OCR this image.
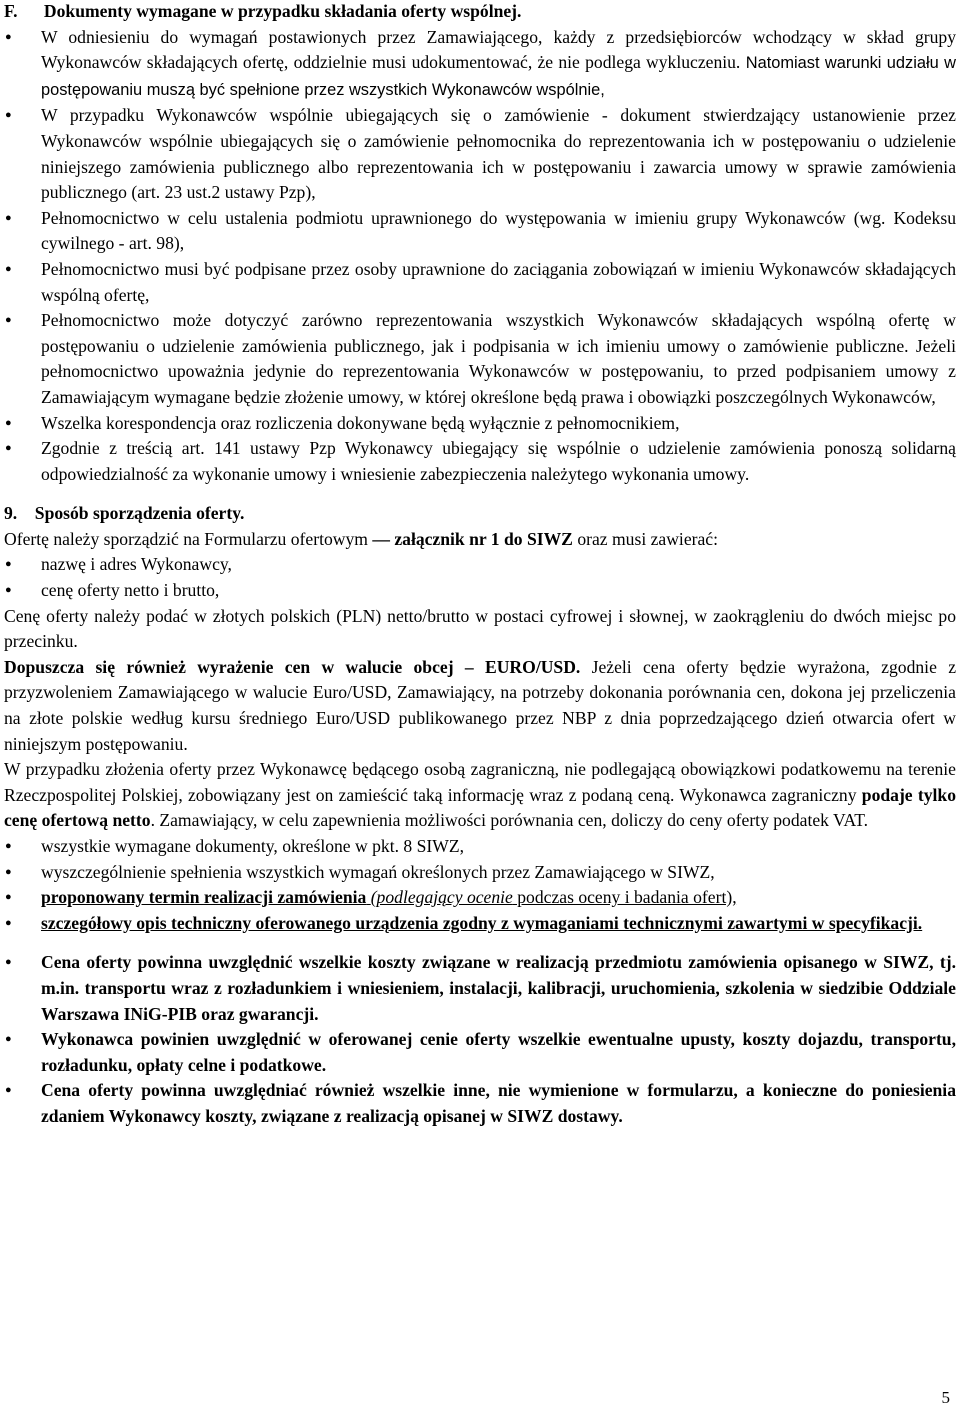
F.      Dokumenty wymagane w przypadku składania oferty wspólnej.

● W odniesieniu do wymagań postawionych przez Zamawiającego, każdy z przedsiębiorców wchodzący w skład grupy Wykonawców składających ofertę, oddzielnie musi udokumentować, że nie podlega wykluczeniu. Natomiast warunki udziału w postępowaniu muszą być spełnione przez wszystkich Wykonawców wspólnie,
● W przypadku Wykonawców wspólnie ubiegających się o zamówienie - dokument stwierdzający ustanowienie przez Wykonawców wspólnie ubiegających się o zamówienie pełnomocnika do reprezentowania ich w postępowaniu o udzielenie niniejszego zamówienia publicznego albo reprezentowania ich w postępowaniu i zawarcia umowy w sprawie zamówienia publicznego (art. 23 ust.2 ustawy Pzp),
● Pełnomocnictwo w celu ustalenia podmiotu uprawnionego do występowania w imieniu grupy Wykonawców (wg. Kodeksu cywilnego - art. 98),
● Pełnomocnictwo musi być podpisane przez osoby uprawnione do zaciągania zobowiązań w imieniu Wykonawców składających wspólną ofertę,
● Pełnomocnictwo może dotyczyć zarówno reprezentowania wszystkich Wykonawców składających wspólną ofertę w postępowaniu o udzielenie zamówienia publicznego, jak i podpisania w ich imieniu umowy o zamówienie publiczne. Jeżeli pełnomocnictwo upoważnia jedynie do reprezentowania Wykonawców w postępowaniu, to przed podpisaniem umowy z Zamawiającym wymagane będzie złożenie umowy, w której określone będą prawa i obowiązki poszczególnych Wykonawców,
● Wszelka korespondencja oraz rozliczenia dokonywane będą wyłącznie z pełnomocnikiem,
● Zgodnie z treścią art. 141 ustawy Pzp Wykonawcy ubiegający się wspólnie o udzielenie zamówienia ponoszą solidarną odpowiedzialność za wykonanie umowy i wniesienie zabezpieczenia należytego wykonania umowy.

9.    Sposób sporządzenia oferty.

Ofertę należy sporządzić na Formularzu ofertowym — załącznik nr 1 do SIWZ oraz musi zawierać:

● nazwę i adres Wykonawcy,
● cenę oferty netto i brutto,

Cenę oferty należy podać w złotych polskich (PLN) netto/brutto w postaci cyfrowej i słownej, w zaokrągleniu do dwóch miejsc po przecinku.

Dopuszcza się również wyrażenie cen w walucie obcej – EURO/USD. Jeżeli cena oferty będzie wyrażona, zgodnie z przyzwoleniem Zamawiającego w walucie Euro/USD, Zamawiający, na potrzeby dokonania porównania cen, dokona jej przeliczenia na złote polskie według kursu średniego Euro/USD publikowanego przez NBP z dnia poprzedzającego dzień otwarcia ofert w niniejszym postępowaniu.

W przypadku złożenia oferty przez Wykonawcę będącego osobą zagraniczną, nie podlegającą obowiązkowi podatkowemu na terenie Rzeczpospolitej Polskiej, zobowiązany jest on zamieścić taką informację wraz z podaną ceną. Wykonawca zagraniczny podaje tylko cenę ofertową netto. Zamawiający, w celu zapewnienia możliwości porównania cen, doliczy do ceny oferty podatek VAT.

● wszystkie wymagane dokumenty, określone w pkt. 8 SIWZ,
● wyszczególnienie spełnienia wszystkich wymagań określonych przez Zamawiającego w SIWZ,
● proponowany termin realizacji zamówienia (podlegający ocenie podczas oceny i badania ofert),
● szczegółowy opis techniczny oferowanego urządzenia zgodny z wymaganiami technicznymi zawartymi w specyfikacji.
● Cena oferty powinna uwzględnić wszelkie koszty związane w realizacją przedmiotu zamówienia opisanego w SIWZ, tj. m.in. transportu wraz z rozładunkiem i wniesieniem, instalacji, kalibracji, uruchomienia, szkolenia w siedzibie Oddziale Warszawa INiG-PIB oraz gwarancji.
● Wykonawca powinien uwzględnić w oferowanej cenie oferty wszelkie ewentualne upusty, koszty dojazdu, transportu, rozładunku, opłaty celne i podatkowe.
● Cena oferty powinna uwzględniać również wszelkie inne, nie wymienione w formularzu, a konieczne do poniesienia zdaniem Wykonawcy koszty, związane z realizacją opisanej w SIWZ dostawy.
5
